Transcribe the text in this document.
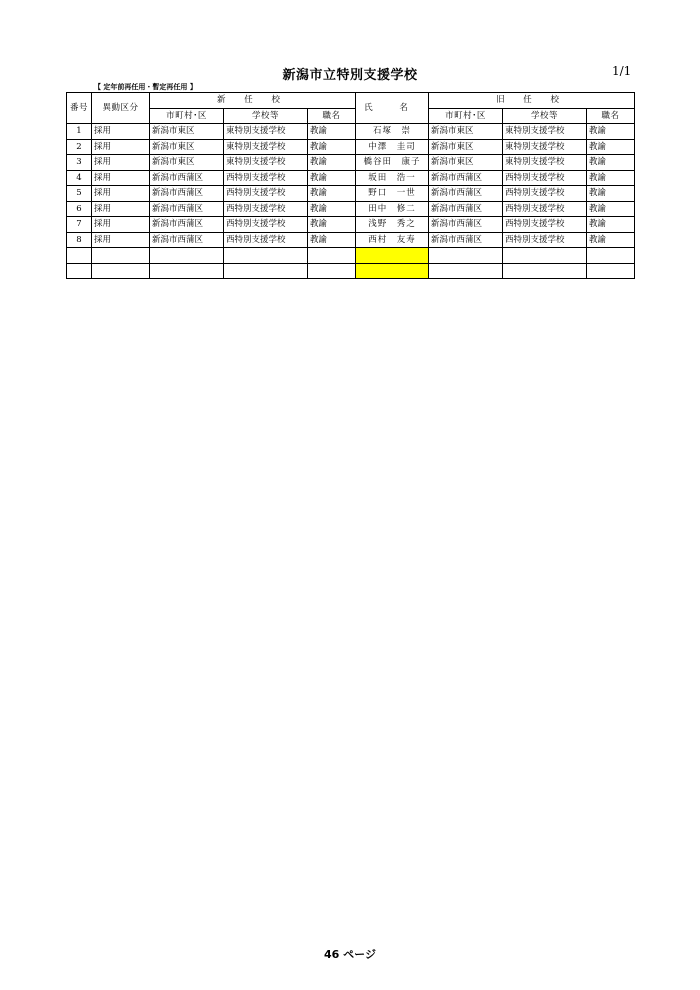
新潟市立特別支援学校	1/1
【 定年前再任用・暫定再任用 】
番号	異動区分	新 任 校			氏 名	旧 任 校		
		市町村･区	学校等	職名		市町村･区	学校等	職名
1	採用	新潟市東区	東特別支援学校	教諭	石塚　崇	新潟市東区	東特別支援学校	教諭
2	採用	新潟市東区	東特別支援学校	教諭	中澤　圭司	新潟市東区	東特別支援学校	教諭
3	採用	新潟市東区	東特別支援学校	教諭	橋谷田　康子	新潟市東区	東特別支援学校	教諭
4	採用	新潟市西蒲区	西特別支援学校	教諭	坂田　浩一	新潟市西蒲区	西特別支援学校	教諭
5	採用	新潟市西蒲区	西特別支援学校	教諭	野口　一世	新潟市西蒲区	西特別支援学校	教諭
6	採用	新潟市西蒲区	西特別支援学校	教諭	田中　修二	新潟市西蒲区	西特別支援学校	教諭
7	採用	新潟市西蒲区	西特別支援学校	教諭	浅野　秀之	新潟市西蒲区	西特別支援学校	教諭
8	採用	新潟市西蒲区	西特別支援学校	教諭	西村　友寿	新潟市西蒲区	西特別支援学校	教諭

46 ページ
